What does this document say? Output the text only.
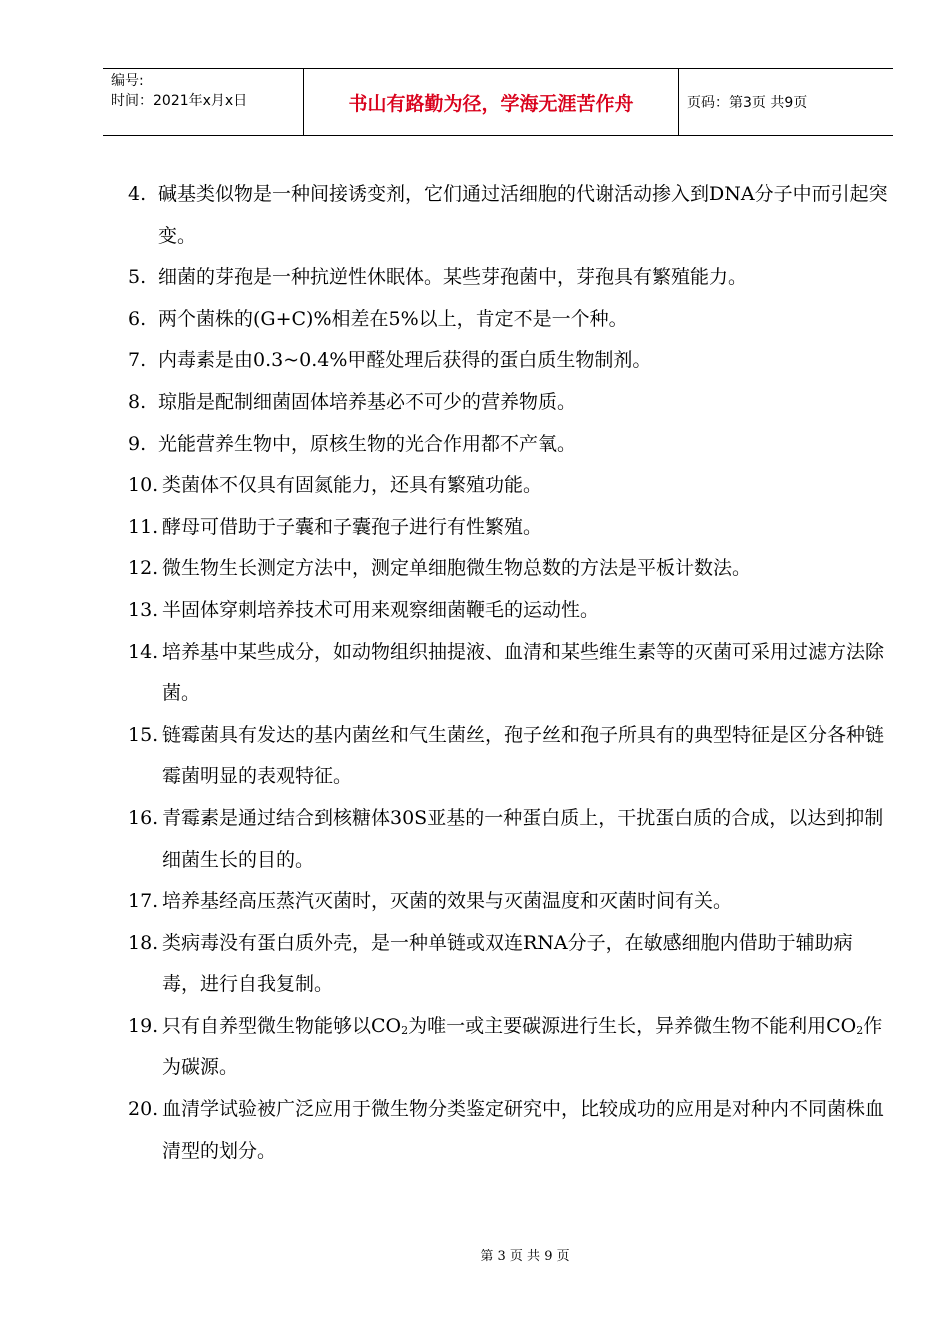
编号:
时间：2021年x月x日	书山有路勤为径，学海无涯苦作舟	页码：第3页 共9页
4. 碱基类似物是一种间接诱变剂，它们通过活细胞的代谢活动掺入到DNA分子中而引起突变。
5. 细菌的芽孢是一种抗逆性休眠体。某些芽孢菌中，芽孢具有繁殖能力。
6. 两个菌株的(G+C)%相差在5%以上，肯定不是一个种。
7. 内毒素是由0.3~0.4%甲醛处理后获得的蛋白质生物制剂。
8. 琼脂是配制细菌固体培养基必不可少的营养物质。
9. 光能营养生物中，原核生物的光合作用都不产氧。
10. 类菌体不仅具有固氮能力，还具有繁殖功能。
11. 酵母可借助于子囊和子囊孢子进行有性繁殖。
12. 微生物生长测定方法中，测定单细胞微生物总数的方法是平板计数法。
13. 半固体穿刺培养技术可用来观察细菌鞭毛的运动性。
14. 培养基中某些成分，如动物组织抽提液、血清和某些维生素等的灭菌可采用过滤方法除菌。
15. 链霉菌具有发达的基内菌丝和气生菌丝，孢子丝和孢子所具有的典型特征是区分各种链霉菌明显的表观特征。
16. 青霉素是通过结合到核糖体30S亚基的一种蛋白质上，干扰蛋白质的合成，以达到抑制细菌生长的目的。
17. 培养基经高压蒸汽灭菌时，灭菌的效果与灭菌温度和灭菌时间有关。
18. 类病毒没有蛋白质外壳，是一种单链或双连RNA分子，在敏感细胞内借助于辅助病毒，进行自我复制。
19. 只有自养型微生物能够以$CO_2$为唯一或主要碳源进行生长，异养微生物不能利用$CO_2$作为碳源。
20. 血清学试验被广泛应用于微生物分类鉴定研究中，比较成功的应用是对种内不同菌株血清型的划分。
第 3 页 共 9 页
